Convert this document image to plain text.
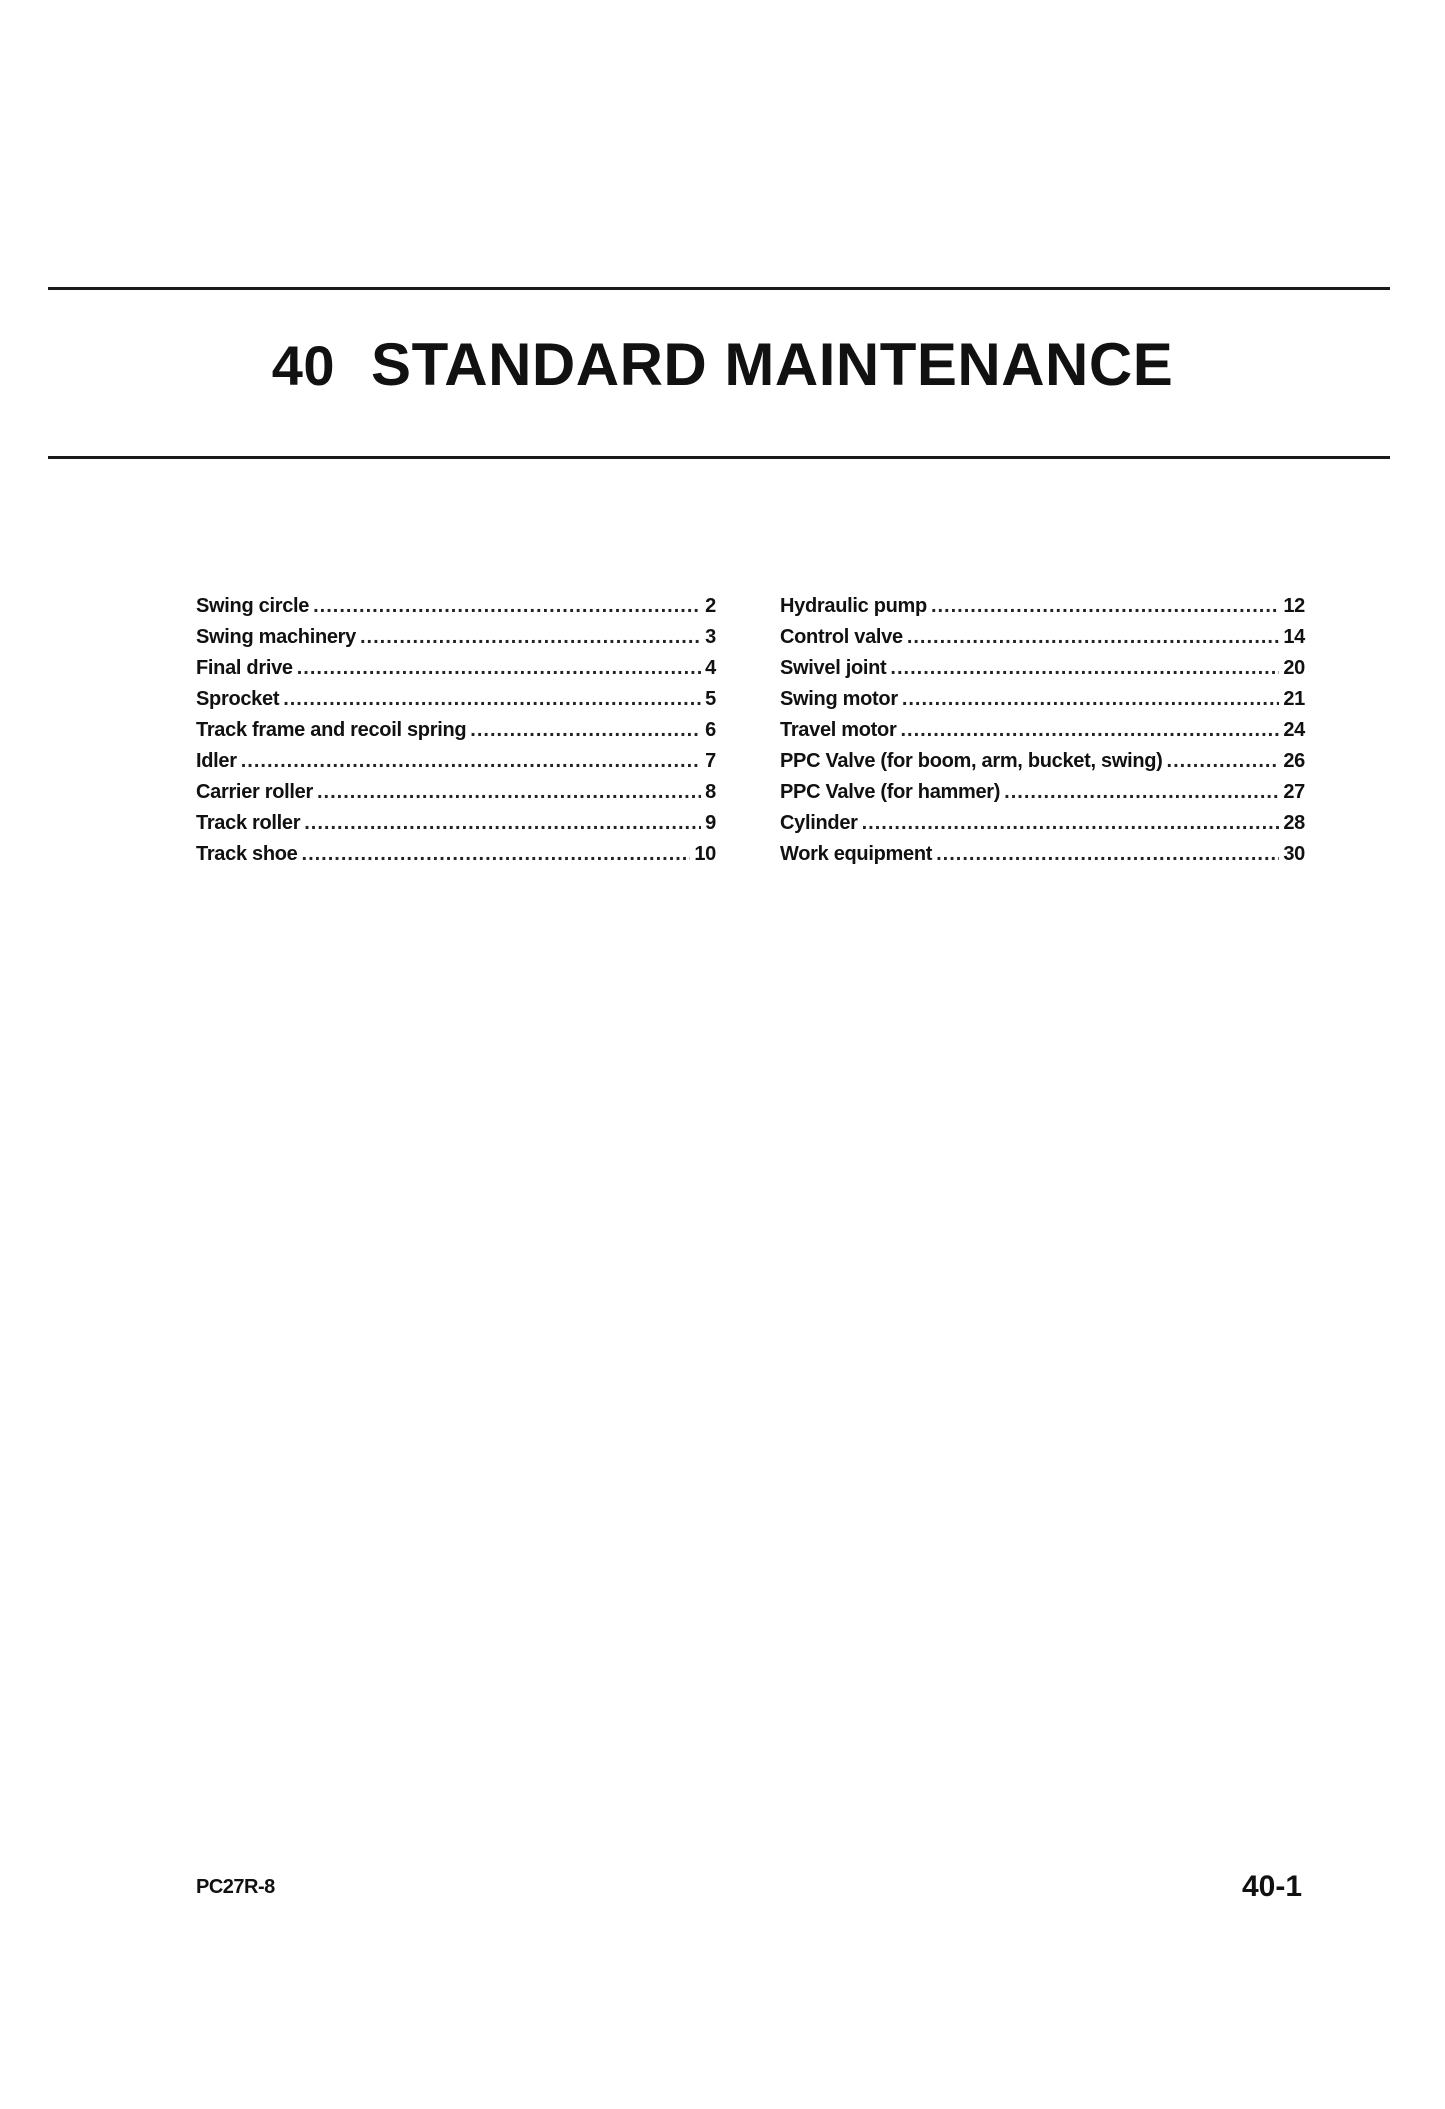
40 STANDARD MAINTENANCE
Swing circle .....	2
Swing machinery .....	3
Final drive .....	4
Sprocket .....	5
Track frame and recoil spring .....	6
Idler .....	7
Carrier roller .....	8
Track roller .....	9
Track shoe .....	10
Hydraulic pump .....	12
Control valve .....	14
Swivel joint .....	20
Swing motor .....	21
Travel motor .....	24
PPC Valve (for boom, arm, bucket, swing) .....	26
PPC Valve (for hammer) .....	27
Cylinder .....	28
Work equipment .....	30
PC27R-8	40-1
